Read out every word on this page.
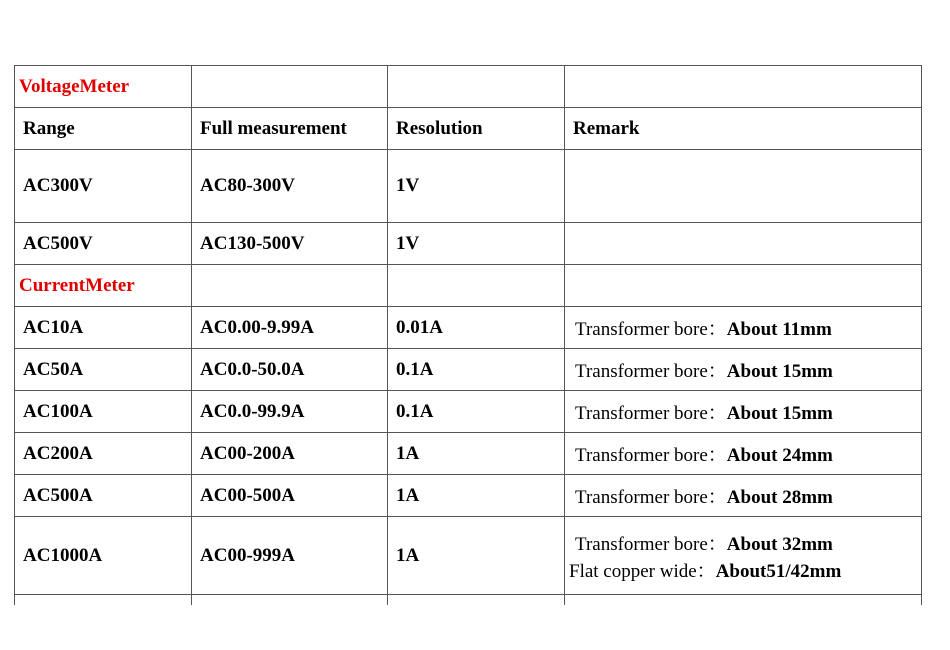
VoltageMeter			
Range	Full measurement	Resolution	Remark
AC300V	AC80-300V	1V	
AC500V	AC130-500V	1V	
CurrentMeter			
AC10A	AC0.00-9.99A	0.01A	Transformer bore：About 11mm

AC50A	AC0.0-50.0A	0.1A	Transformer bore：About 15mm

AC100A	AC0.0-99.9A	0.1A	Transformer bore：About 15mm

AC200A	AC00-200A	1A	Transformer bore：About 24mm

AC500A	AC00-500A	1A	Transformer bore：About 28mm

AC1000A	AC00-999A	1A	Transformer bore：About 32mm
Flat copper wide：About51/42mm
